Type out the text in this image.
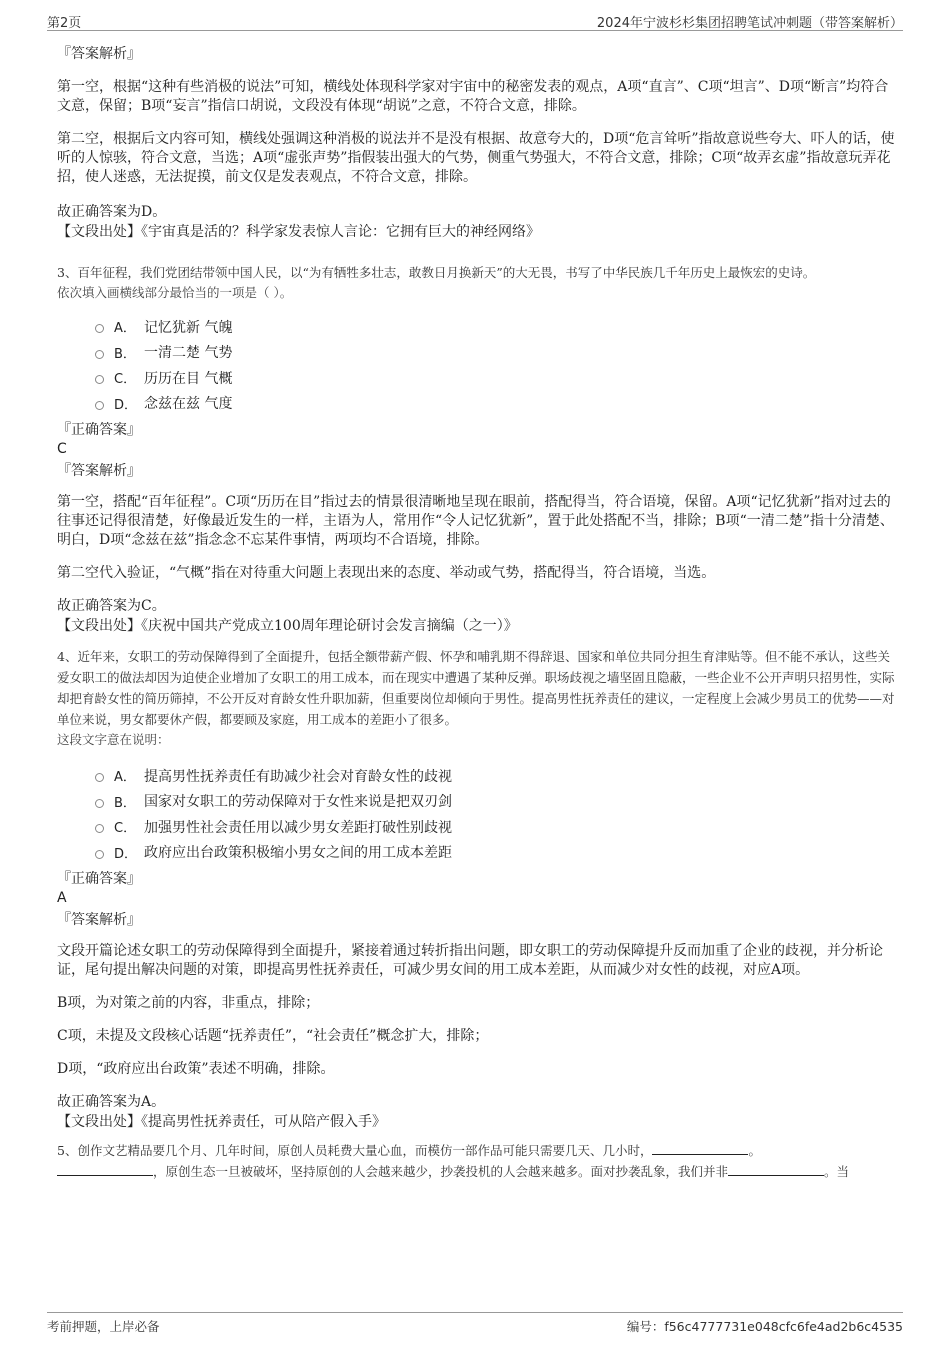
第2页	2024年宁波杉杉集团招聘笔试冲刺题（带答案解析）

『答案解析』

第一空，根据“这种有些消极的说法”可知，横线处体现科学家对宇宙中的秘密发表的观点，A项“直言”、C项“坦言”、D项“断言”均符合文意，保留；B项“妄言”指信口胡说，文段没有体现“胡说”之意，不符合文意，排除。

第二空，根据后文内容可知，横线处强调这种消极的说法并不是没有根据、故意夸大的，D项“危言耸听”指故意说些夸大、吓人的话，使听的人惊骇，符合文意，当选；A项“虚张声势”指假装出强大的气势，侧重气势强大，不符合文意，排除；C项“故弄玄虚”指故意玩弄花招，使人迷惑，无法捉摸，前文仅是发表观点，不符合文意，排除。

故正确答案为D。

【文段出处】《宇宙真是活的？科学家发表惊人言论：它拥有巨大的神经网络》

3、百年征程，我们党团结带领中国人民，以“为有牺牲多壮志，敢教日月换新天”的大无畏，书写了中华民族几千年历史上最恢宏的史诗。

依次填入画横线部分最恰当的一项是（ ）。

A． 记忆犹新 气魄
B． 一清二楚 气势
C． 历历在目 气概
D． 念兹在兹 气度

『正确答案』

C

『答案解析』

第一空，搭配“百年征程”。C项“历历在目”指过去的情景很清晰地呈现在眼前，搭配得当，符合语境，保留。A项“记忆犹新”指对过去的往事还记得很清楚，好像最近发生的一样，主语为人，常用作“令人记忆犹新”，置于此处搭配不当，排除；B项“一清二楚”指十分清楚、明白，D项“念兹在兹”指念念不忘某件事情，两项均不合语境，排除。

第二空代入验证，“气概”指在对待重大问题上表现出来的态度、举动或气势，搭配得当，符合语境，当选。

故正确答案为C。

【文段出处】《庆祝中国共产党成立100周年理论研讨会发言摘编（之一）》

4、近年来，女职工的劳动保障得到了全面提升，包括全额带薪产假、怀孕和哺乳期不得辞退、国家和单位共同分担生育津贴等。但不能不承认，这些关爱女职工的做法却因为迫使企业增加了女职工的用工成本，而在现实中遭遇了某种反弹。职场歧视之墙坚固且隐蔽，一些企业不公开声明只招男性，实际却把育龄女性的简历筛掉，不公开反对育龄女性升职加薪，但重要岗位却倾向于男性。提高男性抚养责任的建议，一定程度上会减少男员工的优势——对单位来说，男女都要休产假，都要顾及家庭，用工成本的差距小了很多。

这段文字意在说明：

A． 提高男性抚养责任有助减少社会对育龄女性的歧视
B． 国家对女职工的劳动保障对于女性来说是把双刃剑
C． 加强男性社会责任用以减少男女差距打破性别歧视
D． 政府应出台政策积极缩小男女之间的用工成本差距

『正确答案』

A

『答案解析』

文段开篇论述女职工的劳动保障得到全面提升，紧接着通过转折指出问题，即女职工的劳动保障提升反而加重了企业的歧视，并分析论证，尾句提出解决问题的对策，即提高男性抚养责任，可减少男女间的用工成本差距，从而减少对女性的歧视，对应A项。

B项，为对策之前的内容，非重点，排除；

C项，未提及文段核心话题“抚养责任”，“社会责任”概念扩大，排除；

D项，“政府应出台政策”表述不明确，排除。

故正确答案为A。

【文段出处】《提高男性抚养责任，可从陪产假入手》

5、创作文艺精品要几个月、几年时间，原创人员耗费大量心血，而模仿一部作品可能只需要几天、几小时，	。
，原创生态一旦被破坏，坚持原创的人会越来越少，抄袭投机的人会越来越多。面对抄袭乱象，我们并非	。当

考前押题，上岸必备	编号：f56c4777731e048cfc6fe4ad2b6c4535
